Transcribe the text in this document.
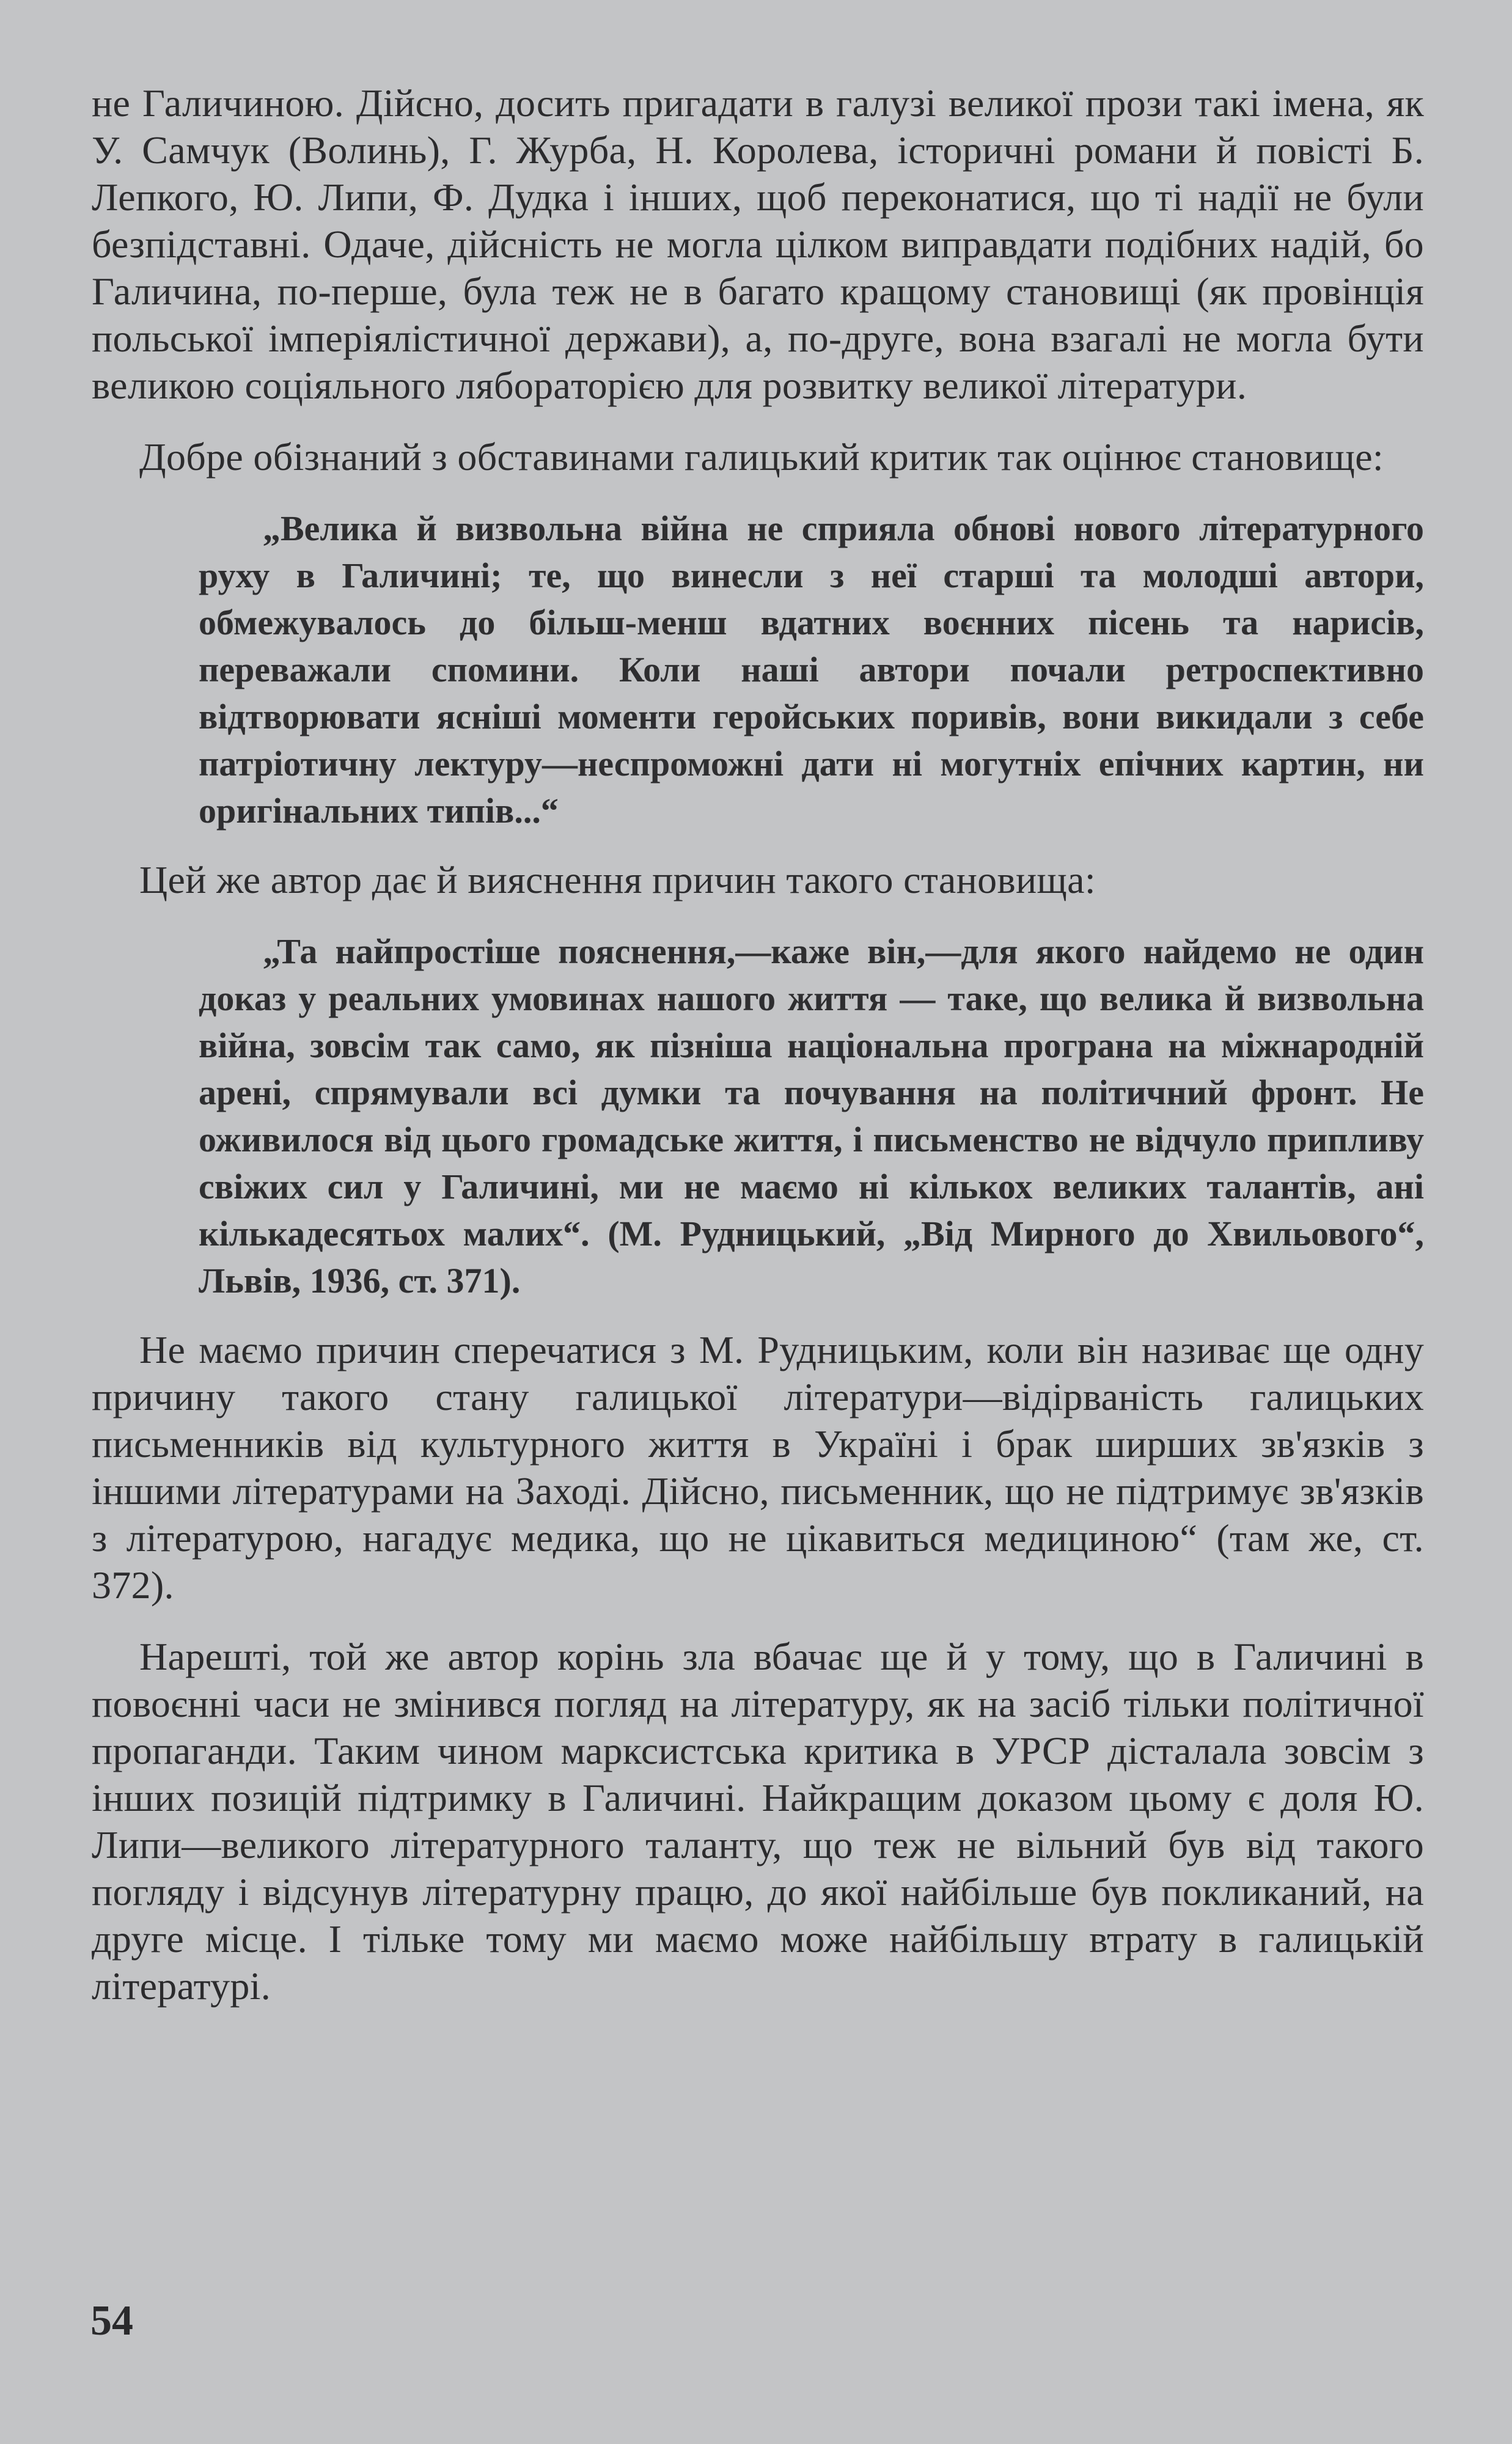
не Галичиною. Дійсно, досить пригадати в галузі великої прози такі імена, як У. Самчук (Волинь), Г. Журба, Н. Королева, історичні романи й повісті Б. Лепкого, Ю. Липи, Ф. Дудка і інших, щоб переконатися, що ті надії не були безпідставні. Одаче, дійсність не могла цілком виправдати подібних надій, бо Галичина, по-перше, була теж не в багато кращому становищі (як провінція польської імперіялістичної держави), а, по-друге, вона взагалі не могла бути великою соціяльного ляборaторією для розвитку великої літератури.

Добре обізнаний з обставинами галицький критик так оцінює становище:

„Велика й визвольна війна не сприяла обнові нового літературного руху в Галичині; те, що винесли з неї старші та молодші автори, обмежувалось до більш-менш вдатних воєнних пісень та нарисів, переважали спомини. Коли наші автори почали ретроспективно відтворювати ясніші моменти геройських поривів, вони викидали з себе патріотичну лектуру—неспроможні дати ні могутніх епічних картин, ни оригінальних типів...“

Цей же автор дає й вияснення причин такого становища:

„Та найпростіше пояснення,—каже він,—для якого найдемо не один доказ у реальних умовинах нашого життя — таке, що велика й визвольна війна, зовсім так само, як пізніша національна програна на міжнародній арені, спрямували всі думки та почування на політичний фронт. Не оживилося від цього громадське життя, і письменство не відчуло припливу свіжих сил у Галичині, ми не маємо ні кількох великих талантів, ані кількадесятьох малих“. (М. Рудницький, „Від Мирного до Хвильового“, Львів, 1936, ст. 371).

Не маємо причин сперечатися з М. Рудницьким, коли він називає ще одну причину такого стану галицької літератури—відірваність галицьких письменників від культурного життя в Україні і брак ширших зв'язків з іншими літературами на Заході. Дійсно, письменник, що не підтримує зв'язків з літературою, нагадує медика, що не цікавиться медициною“ (там же, ст. 372).

Нарешті, той же автор корінь зла вбачає ще й у тому, що в Галичині в повоєнні часи не змінився погляд на літературу, як на засіб тільки політичної пропаганди. Таким чином марксистська критика в УРСР дісталала зовсім з інших позицій підтримку в Галичині. Найкращим доказом цьому є доля Ю. Липи—великого літературного таланту, що теж не вільний був від такого погляду і відсунув літературну працю, до якої найбільше був покликаний, на друге місце. І тільке тому ми маємо може найбільшу втрату в галицькій літературі.

54
